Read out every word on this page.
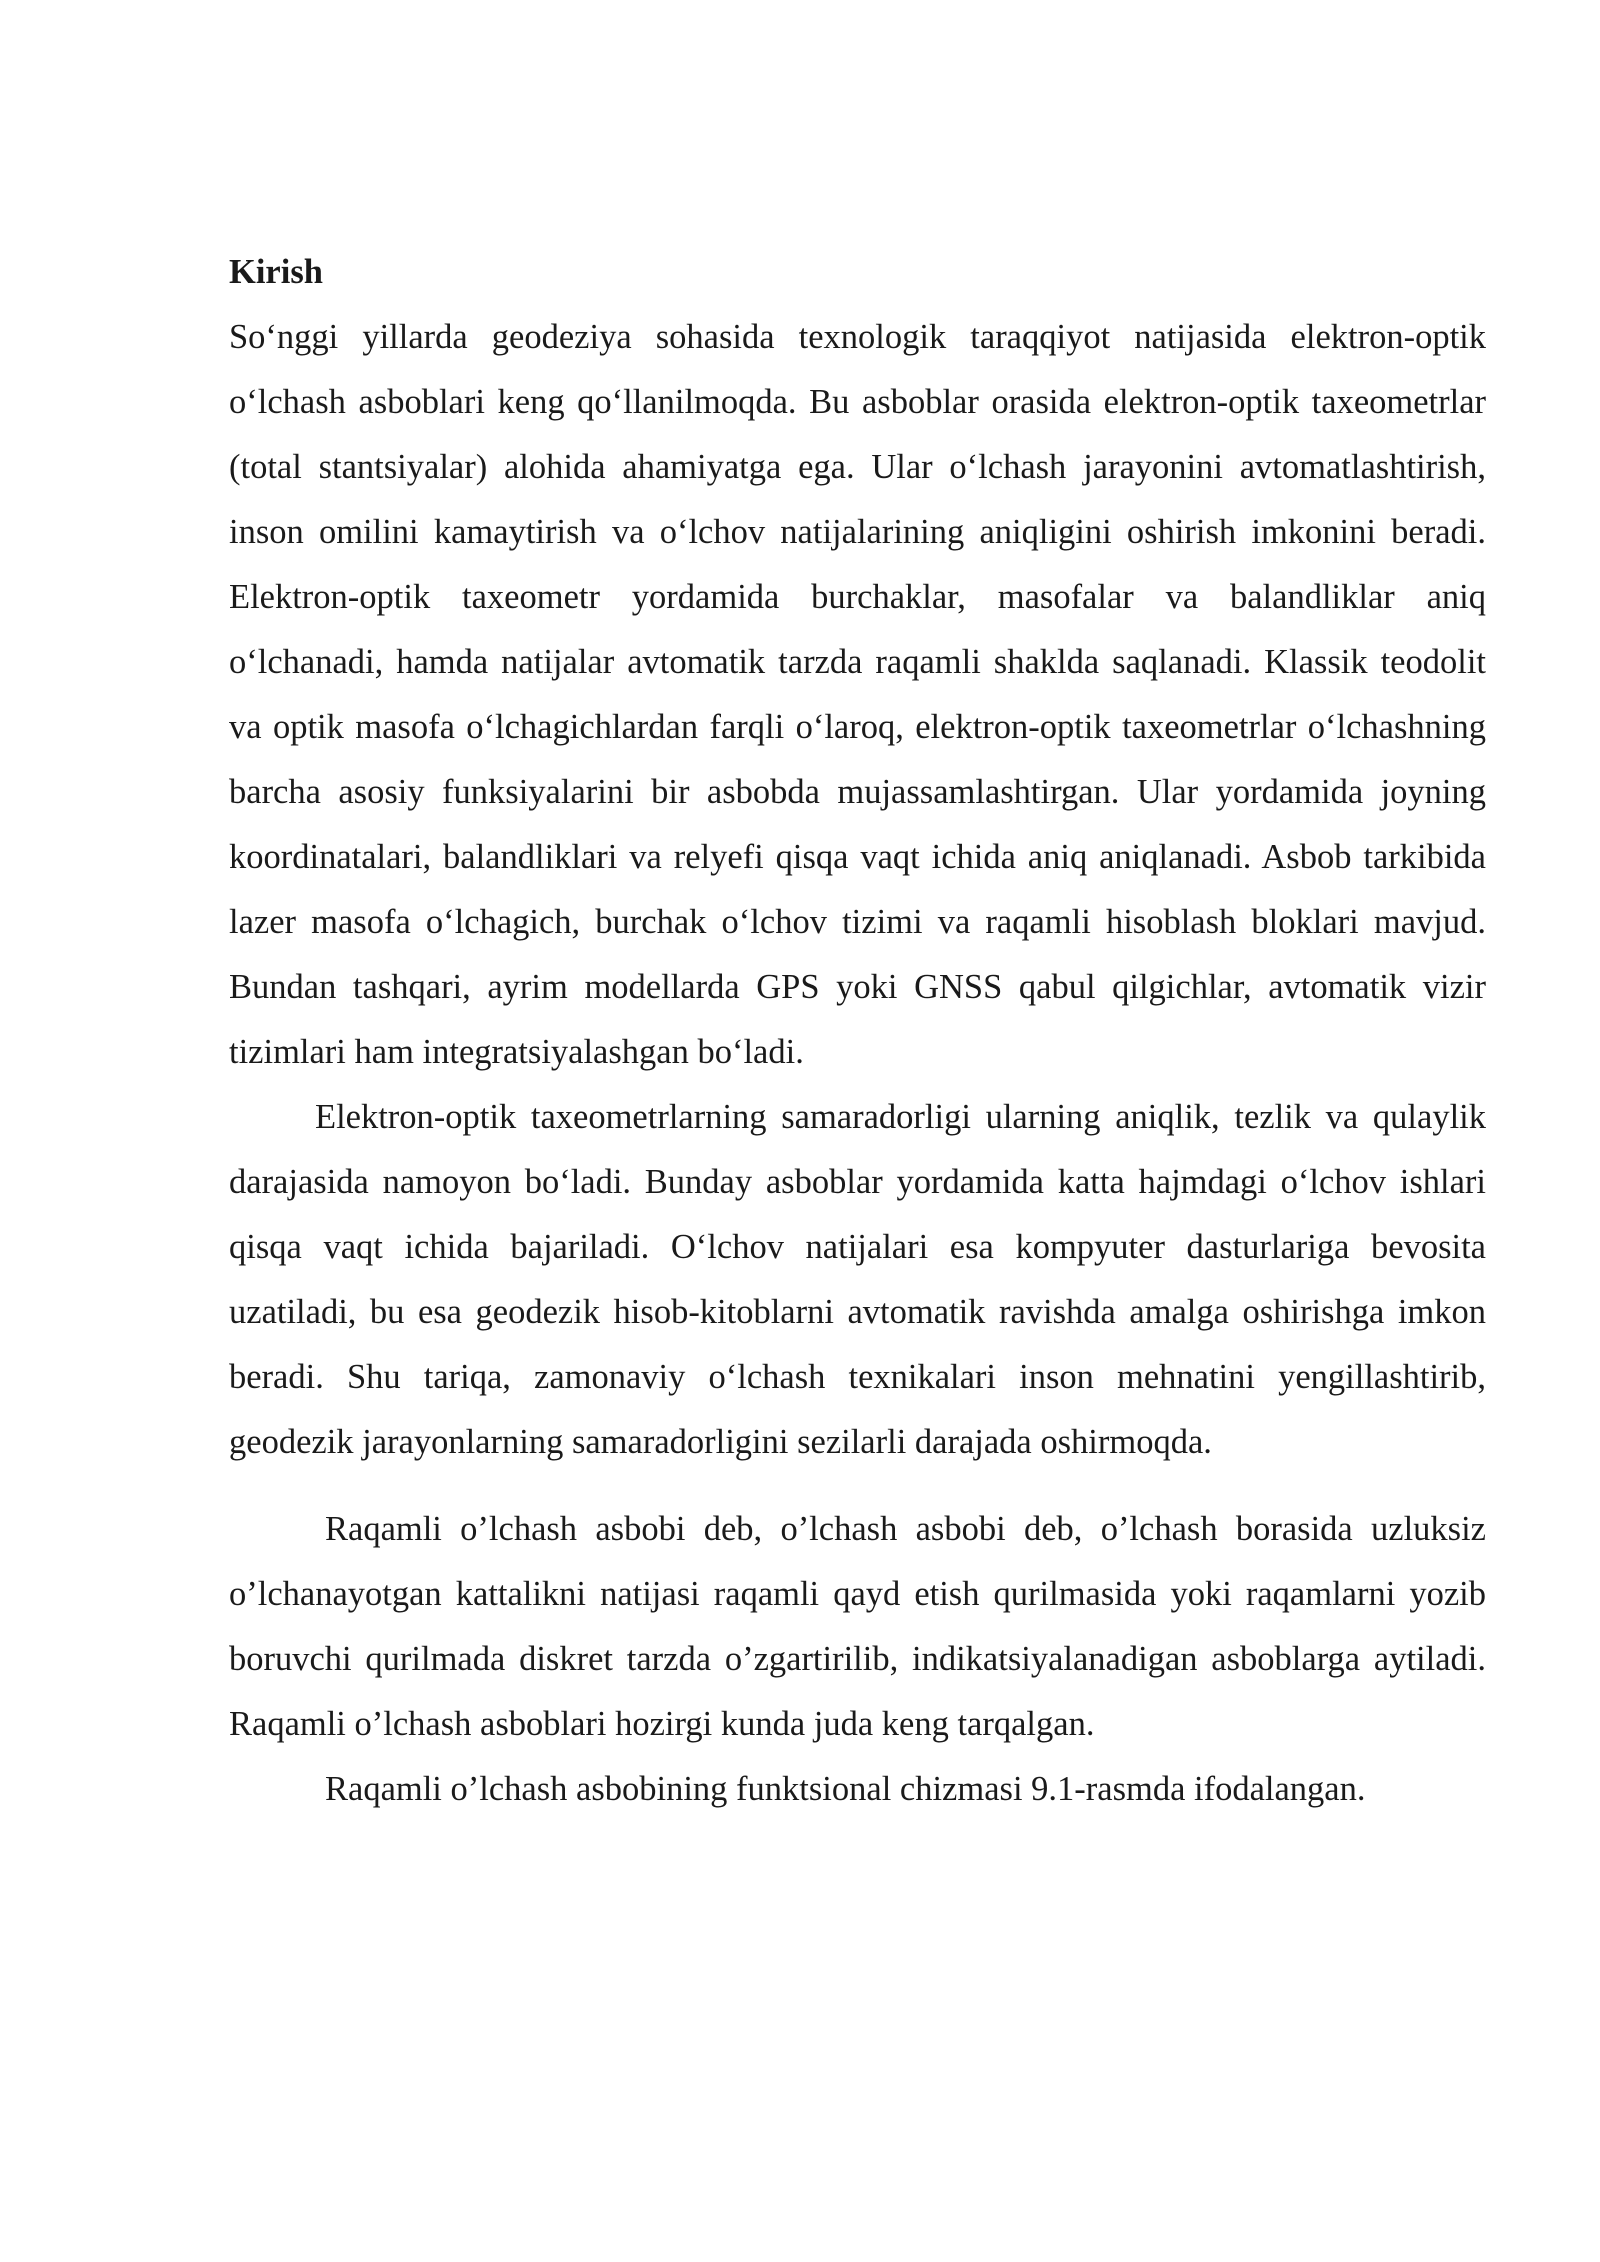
Kirish

So‘nggi yillarda geodeziya sohasida texnologik taraqqiyot natijasida elektron-optik o‘lchash asboblari keng qo‘llanilmoqda. Bu asboblar orasida elektron-optik taxeometrlar (total stantsiyalar) alohida ahamiyatga ega. Ular o‘lchash jarayonini avtomatlashtirish, inson omilini kamaytirish va o‘lchov natijalarining aniqligini oshirish imkonini beradi. Elektron-optik taxeometr yordamida burchaklar, masofalar va balandliklar aniq o‘lchanadi, hamda natijalar avtomatik tarzda raqamli shaklda saqlanadi. Klassik teodolit va optik masofa o‘lchagichlardan farqli o‘laroq, elektron-optik taxeometrlar o‘lchashning barcha asosiy funksiyalarini bir asbobda mujassamlashtirgan. Ular yordamida joyning koordinatalari, balandliklari va relyefi qisqa vaqt ichida aniq aniqlanadi. Asbob tarkibida lazer masofa o‘lchagich, burchak o‘lchov tizimi va raqamli hisoblash bloklari mavjud. Bundan tashqari, ayrim modellarda GPS yoki GNSS qabul qilgichlar, avtomatik vizir tizimlari ham integratsiyalashgan bo‘ladi.

Elektron-optik taxeometrlarning samaradorligi ularning aniqlik, tezlik va qulaylik darajasida namoyon bo‘ladi. Bunday asboblar yordamida katta hajmdagi o‘lchov ishlari qisqa vaqt ichida bajariladi. O‘lchov natijalari esa kompyuter dasturlariga bevosita uzatiladi, bu esa geodezik hisob-kitoblarni avtomatik ravishda amalga oshirishga imkon beradi. Shu tariqa, zamonaviy o‘lchash texnikalari inson mehnatini yengillashtirib, geodezik jarayonlarning samaradorligini sezilarli darajada oshirmoqda.

Raqamli o’lchash asbobi deb, o’lchash asbobi deb, o’lchash borasida uzluksiz o’lchanayotgan kattalikni natijasi raqamli qayd etish qurilmasida yoki raqamlarni yozib boruvchi qurilmada diskret tarzda o’zgartirilib, indikatsiyalanadigan asboblarga aytiladi. Raqamli o’lchash asboblari hozirgi kunda juda keng tarqalgan.

Raqamli o’lchash asbobining funktsional chizmasi 9.1-rasmda ifodalangan.
